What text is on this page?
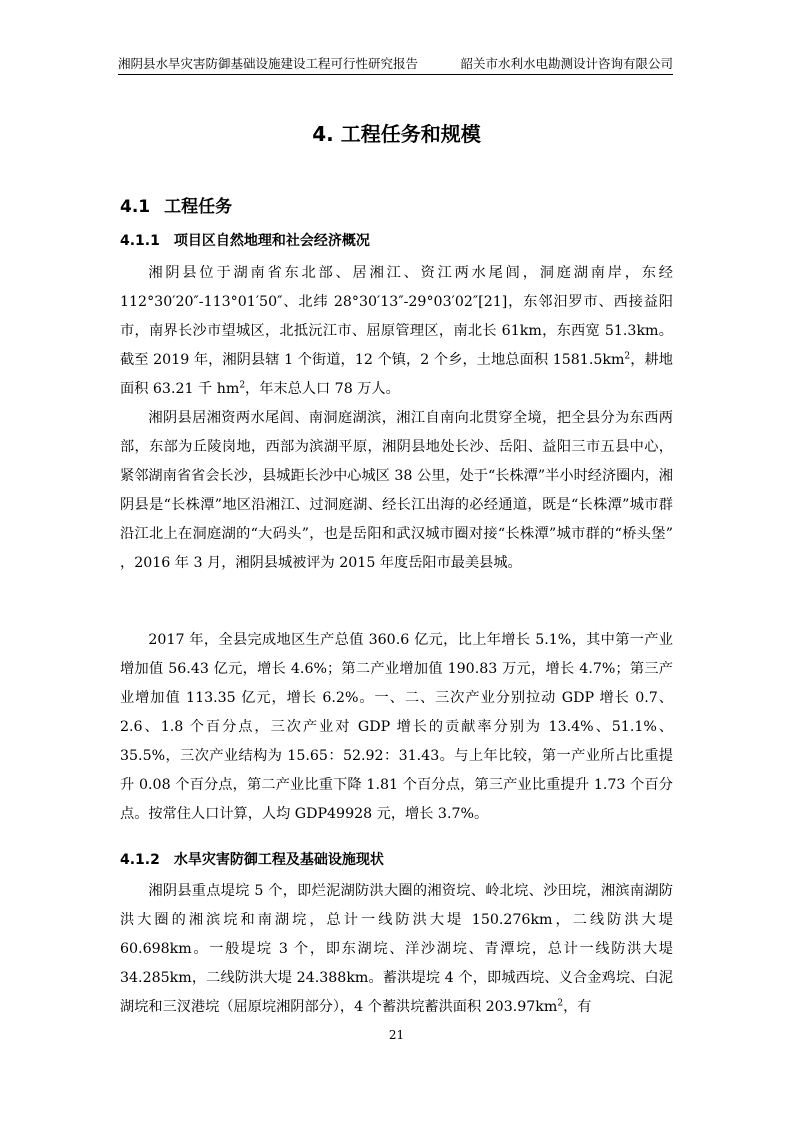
湘阴县水旱灾害防御基础设施建设工程可行性研究报告	韶关市水利水电勘测设计咨询有限公司
4. 工程任务和规模
4.1 工程任务
4.1.1 项目区自然地理和社会经济概况

湘阴县位于湖南省东北部、居湘江、资江两水尾闾，洞庭湖南岸，东经 112°30′20″-113°01′50″、北纬 28°30′13″-29°03′02″[21]，东邻汨罗市、西接益阳市，南界长沙市望城区，北抵沅江市、屈原管理区，南北长 61km，东西宽 51.3km。截至 2019 年，湘阴县辖 1 个街道，12 个镇，2 个乡，土地总面积 $1581.5km^2$，耕地面积 63.21 千 $hm^2$，年末总人口 78 万人。

湘阴县居湘资两水尾闾、南洞庭湖滨，湘江自南向北贯穿全境，把全县分为东西两部，东部为丘陵岗地，西部为滨湖平原，湘阴县地处长沙、岳阳、益阳三市五县中心，紧邻湖南省省会长沙，县城距长沙中心城区 38 公里，处于“长株潭”半小时经济圈内，湘阴县是“长株潭”地区沿湘江、过洞庭湖、经长江出海的必经通道，既是“长株潭”城市群沿江北上在洞庭湖的“大码头”，也是岳阳和武汉城市圈对接“长株潭”城市群的“桥头堡” ，2016 年 3 月，湘阴县城被评为 2015 年度岳阳市最美县城。

2017 年，全县完成地区生产总值 360.6 亿元，比上年增长 5.1%，其中第一产业增加值 56.43 亿元，增长 4.6%；第二产业增加值 190.83 万元，增长 4.7%；第三产业增加值 113.35 亿元，增长 6.2%。一、二、三次产业分别拉动 GDP 增长 0.7、2.6、1.8 个百分点，三次产业对 GDP 增长的贡献率分别为 13.4%、51.1%、35.5%，三次产业结构为 15.65：52.92：31.43。与上年比较，第一产业所占比重提升 0.08 个百分点，第二产业比重下降 1.81 个百分点，第三产业比重提升 1.73 个百分点。按常住人口计算，人均 GDP49928 元，增长 3.7%。

4.1.2 水旱灾害防御工程及基础设施现状

湘阴县重点堤垸 5 个，即烂泥湖防洪大圈的湘资垸、岭北垸、沙田垸，湘滨南湖防洪大圈的湘滨垸和南湖垸，总计一线防洪大堤 150.276km，二线防洪大堤 60.698km。一般堤垸 3 个，即东湖垸、洋沙湖垸、青潭垸，总计一线防洪大堤 34.285km，二线防洪大堤 24.388km。蓄洪堤垸 4 个，即城西垸、义合金鸡垸、白泥湖垸和三汊港垸（屈原垸湘阴部分），4 个蓄洪垸蓄洪面积 $203.97km^2$，有

21
